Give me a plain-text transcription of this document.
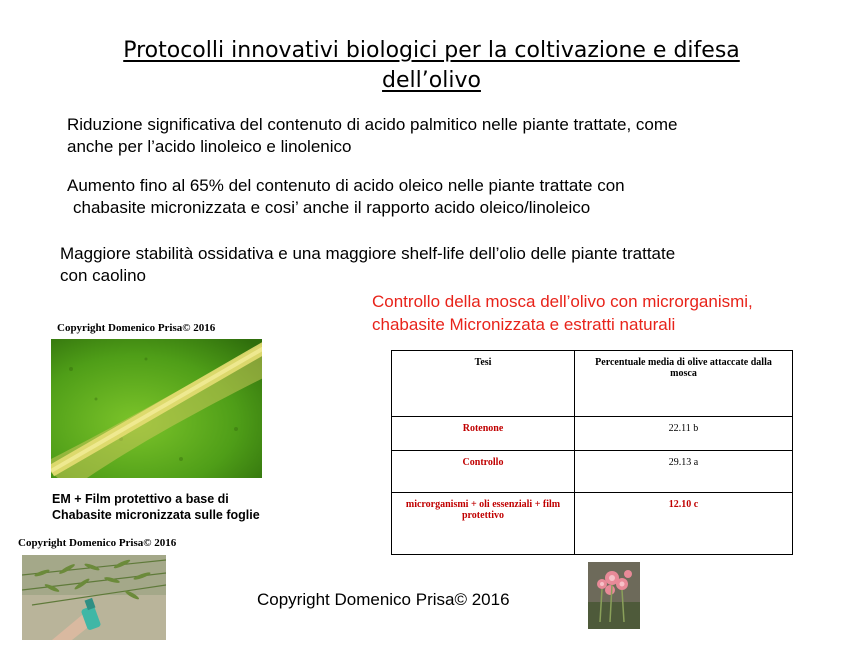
Protocolli innovativi biologici per la coltivazione e difesa
dell’olivo
Riduzione significativa del contenuto di acido palmitico nelle piante trattate, come
anche per l’acido linoleico e linolenico
Aumento fino al 65% del contenuto di acido oleico nelle piante trattate con
chabasite micronizzata e cosi’ anche il rapporto acido oleico/linoleico
Maggiore stabilità ossidativa e una maggiore shelf-life dell’olio delle piante trattate
con caolino
Controllo della mosca dell’olivo con microrganismi,
chabasite Micronizzata e estratti naturali
Copyright Domenico Prisa© 2016
EM + Film protettivo a base di
Chabasite micronizzata sulle foglie
Copyright Domenico Prisa© 2016
Tesi	Percentuale media di olive attaccate dalla mosca
Rotenone	22.11 b
Controllo	29.13 a
microrganismi + oli essenziali + film protettivo	12.10 c
Copyright Domenico Prisa© 2016
